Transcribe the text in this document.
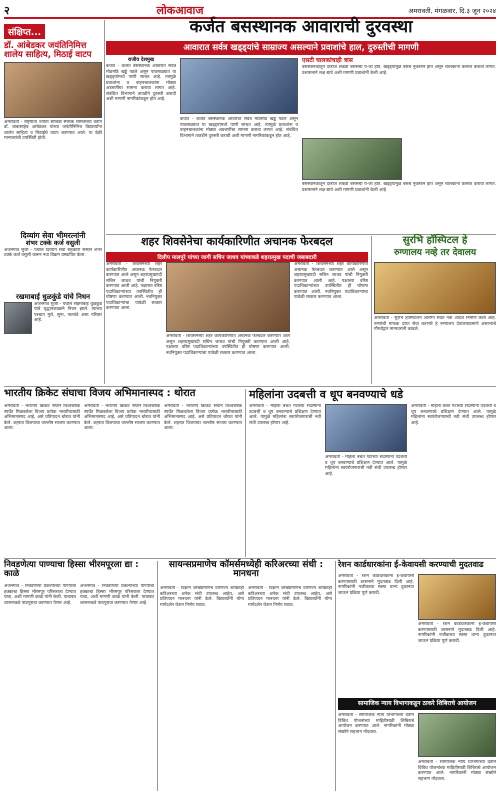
२	लोकआवाज	अमरावती, मंगळवार, दि.३ जून २०२४
संक्षिप्त...
डॉ. आंबेडकर जयंतिनिमित्त शालेय साहित्य, मिठाई वाटप
अमरावती - राष्ट्रमाता ज्योती सावित्री स्मारक समितीच्या वतीने डॉ. बाबासाहेब आंबेडकर यांच्या जयंतीनिमित्त विद्यार्थ्यांना शालेय साहित्य व मिठाईचे वाटप करण्यात आले. या वेळी मान्यवरांची उपस्थिती होती.
दिव्यांग सेवा भीमरत्नांनी
शंभर टक्के कर्ज वसुली
अंजनगाव सुर्जी - येथील दिव्यांग सेवा सहकारी संस्थेने शंभर टक्के कर्ज वसुली करून नवा विक्रम प्रस्थापित केला.
रखमाबाई धुळकुंडे यांचे निधन
अंजनगाव सुर्जी - येथील रखमाबाई धुळकुंडे यांचे वृद्धापकाळाने निधन झाले. त्यांच्या पश्चात मुले, सुना, नातवंडे असा परिवार आहे.
कर्जत बसस्थानक आवाराची दुरवस्था
आवारात सर्वत्र खड्ड्यांचे साम्राज्य असल्याने प्रवाशांचे हाल, दुरुस्तीची मागणी
राजीव देशमुख
कर्जत - कर्जत बसस्थानक आवारात सर्वत्र मोठमोठे खड्डे पडले असून पावसाळ्यात या खड्ड्यांमध्ये पाणी साचत आहे. त्यामुळे प्रवाशांना व वाहनचालकांना मोठ्या अडचणींचा सामना करावा लागत आहे. संबंधित विभागाने तातडीने दुरुस्ती करावी अशी मागणी नागरिकांकडून होत आहे.
कर्जत - कर्जत बसस्थानक आवारात सर्वत्र मोठमोठे खड्डे पडले असून पावसाळ्यात या खड्ड्यांमध्ये पाणी साचत आहे. त्यामुळे प्रवाशांना व वाहनचालकांना मोठ्या अडचणींचा सामना करावा लागत आहे. संबंधित विभागाने तातडीने दुरुस्ती करावी अशी मागणी नागरिकांकडून होत आहे.
एसटी चालकांचाही त्रास
बसस्थानकातून दररोज शेकडो बसेसची ये-जा होते. खड्ड्यांमुळे बसचे नुकसान होत असून चालकांना कसरत करावी लागते. प्रशासनाने लक्ष द्यावे अशी मागणी प्रवाशांनी केली आहे.
बसस्थानकातून दररोज शेकडो बसेसची ये-जा होते. खड्ड्यांमुळे बसचे नुकसान होत असून चालकांना कसरत करावी लागते. प्रशासनाने लक्ष द्यावे अशी मागणी प्रवाशांनी केली आहे.
शहर शिवसेनेचा कार्यकारिणीत अचानक फेरबदल
दिलीप मालपुरे यांच्या जागी सचिन जाधव यांच्याकडे शहरप्रमुख पदाची जबाबदारी
अमरावती - शिवसेनेच्या शहर कार्यकारिणीत अचानक फेरबदल करण्यात आले असून शहरप्रमुखपदी सचिन जाधव यांची नियुक्ती करण्यात आली आहे. पक्षाच्या वरिष्ठ पदाधिकाऱ्यांच्या उपस्थितीत ही घोषणा करण्यात आली. नवनियुक्त पदाधिकाऱ्यांचा यावेळी सत्कार करण्यात आला.
अमरावती - शिवसेनेच्या शहर कार्यकारिणीत अचानक फेरबदल करण्यात आले असून शहरप्रमुखपदी सचिन जाधव यांची नियुक्ती करण्यात आली आहे. पक्षाच्या वरिष्ठ पदाधिकाऱ्यांच्या उपस्थितीत ही घोषणा करण्यात आली. नवनियुक्त पदाधिकाऱ्यांचा यावेळी सत्कार करण्यात आला.
अमरावती - शिवसेनेच्या शहर कार्यकारिणीत अचानक फेरबदल करण्यात आले असून शहरप्रमुखपदी सचिन जाधव यांची नियुक्ती करण्यात आली आहे. पक्षाच्या वरिष्ठ पदाधिकाऱ्यांच्या उपस्थितीत ही घोषणा करण्यात आली. नवनियुक्त पदाधिकाऱ्यांचा यावेळी सत्कार करण्यात आला.
सुरभि हॉस्पिटल हे
रुग्णालय नव्हे तर देवालय
अमरावती - सुरभि हॉस्पिटलने आरोग्य सेवेत नवा आदर्श निर्माण केला आहे. रुग्णांची माफक दरात सेवा करणारे हे रुग्णालय देवालयाप्रमाणे असल्याचे गौरवोद्गार मान्यवरांनी काढले.
भारतीय क्रिकेट संघाचा विजय अभिमानास्पद : थोरात
अमरावती - भारतीय क्रिकेट संघाने विश्वचषक स्पर्धेत मिळवलेला विजय प्रत्येक भारतीयासाठी अभिमानास्पद आहे, असे प्रतिपादन थोरात यांनी केले. शहरात विजयाचा जल्लोष साजरा करण्यात आला.
अमरावती - भारतीय क्रिकेट संघाने विश्वचषक स्पर्धेत मिळवलेला विजय प्रत्येक भारतीयासाठी अभिमानास्पद आहे, असे प्रतिपादन थोरात यांनी केले. शहरात विजयाचा जल्लोष साजरा करण्यात आला.
अमरावती - भारतीय क्रिकेट संघाने विश्वचषक स्पर्धेत मिळवलेला विजय प्रत्येक भारतीयासाठी अभिमानास्पद आहे, असे प्रतिपादन थोरात यांनी केले. शहरात विजयाचा जल्लोष साजरा करण्यात आला.
महिलांना उदबत्ती व धूप बनवण्याचे धडे
अमरावती - महिला बचत गटाच्या सदस्यांना उदबत्ती व धूप बनवण्याचे प्रशिक्षण देण्यात आले. यामुळे महिलांना स्वयंरोजगाराची नवी संधी उपलब्ध होणार आहे.
अमरावती - महिला बचत गटाच्या सदस्यांना उदबत्ती व धूप बनवण्याचे प्रशिक्षण देण्यात आले. यामुळे महिलांना स्वयंरोजगाराची नवी संधी उपलब्ध होणार आहे.
अमरावती - महिला बचत गटाच्या सदस्यांना उदबत्ती व धूप बनवण्याचे प्रशिक्षण देण्यात आले. यामुळे महिलांना स्वयंरोजगाराची नवी संधी उपलब्ध होणार आहे.
निवडणेत्या पाण्याचा हिस्सा भीरमपूरला द्या : काळे
अंजनगाव - निवडणेत्या प्रकल्पाच्या पाण्याचा हक्काचा हिस्सा भीरमपूर परिसराला देण्यात यावा, अशी मागणी काळे यांनी केली. याबाबत शासनाकडे पाठपुरावा करण्यात येणार आहे.
अंजनगाव - निवडणेत्या प्रकल्पाच्या पाण्याचा हक्काचा हिस्सा भीरमपूर परिसराला देण्यात यावा, अशी मागणी काळे यांनी केली. याबाबत शासनाकडे पाठपुरावा करण्यात येणार आहे.
सायन्सप्रमाणेच कॉमर्समध्येही करिअरच्या संधी : मानधना
अमरावती - विज्ञान शाखेप्रमाणेच वाणिज्य शाखेतही करिअरच्या अनेक संधी उपलब्ध आहेत, असे प्रतिपादन मानधना यांनी केले. विद्यार्थ्यांनी योग्य मार्गदर्शन घेऊन निर्णय घ्यावा.
अमरावती - विज्ञान शाखेप्रमाणेच वाणिज्य शाखेतही करिअरच्या अनेक संधी उपलब्ध आहेत, असे प्रतिपादन मानधना यांनी केले. विद्यार्थ्यांनी योग्य मार्गदर्शन घेऊन निर्णय घ्यावा.
रेशन कार्डधारकांना ई-केवायसी करण्याची मुदतवाढ
अमरावती - रेशन कार्डधारकांना ई-केवायसी करण्यासाठी शासनाने मुदतवाढ दिली आहे. नागरिकांनी नजीकच्या स्वस्त धान्य दुकानात जाऊन प्रक्रिया पूर्ण करावी.
अमरावती - रेशन कार्डधारकांना ई-केवायसी करण्यासाठी शासनाने मुदतवाढ दिली आहे. नागरिकांनी नजीकच्या स्वस्त धान्य दुकानात जाऊन प्रक्रिया पूर्ण करावी.
सामाजिक न्याय विभागाकडून ठाकरे शिबिराचे आयोजन
अमरावती - सामाजिक न्याय विभागाच्या वतीने विविध योजनांच्या माहितीसाठी शिबिराचे आयोजन करण्यात आले. नागरिकांनी मोठ्या संख्येने सहभाग नोंदवला.
अमरावती - सामाजिक न्याय विभागाच्या वतीने विविध योजनांच्या माहितीसाठी शिबिराचे आयोजन करण्यात आले. नागरिकांनी मोठ्या संख्येने सहभाग नोंदवला.
